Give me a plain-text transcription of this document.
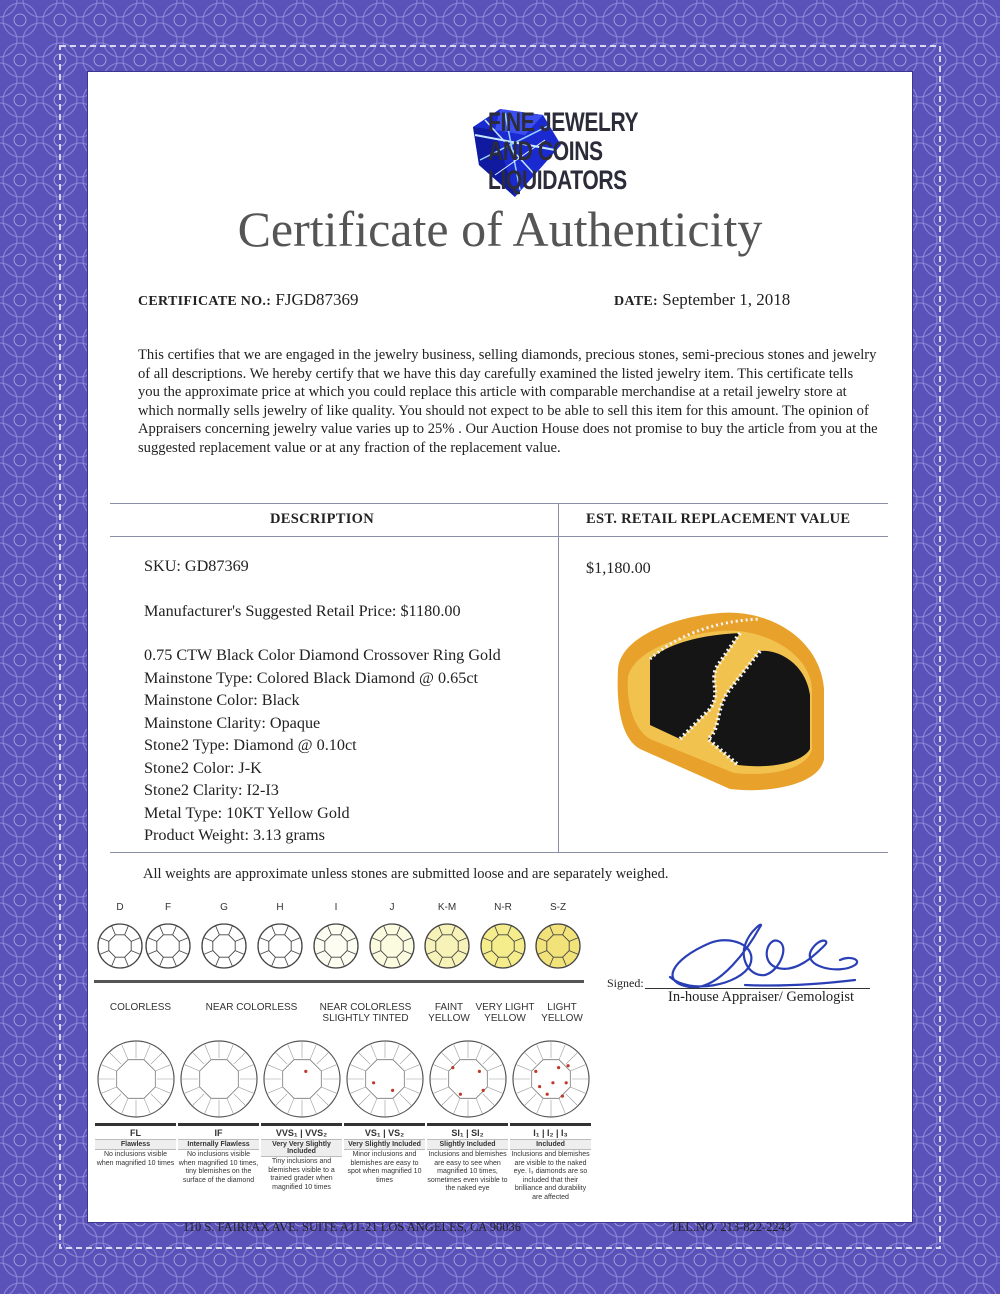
FINE JEWELRY
AND COINS
LIQUIDATORS
Certificate of Authenticity
CERTIFICATE NO.: FJGD87369	DATE: September 1, 2018
This certifies that we are engaged in the jewelry business, selling diamonds, precious stones, semi-precious stones and jewelry of all descriptions. We hereby certify that we have this day carefully examined the listed jewelry item. This certificate tells you the approximate price at which you could replace this article with comparable merchandise at a retail jewelry store at which normally sells jewelry of like quality. You should not expect to be able to sell this item for this amount. The opinion of Appraisers concerning jewelry value varies up to 25% . Our Auction House does not promise to buy the article from you at the suggested replacement value or at any fraction of the replacement value.
DESCRIPTION	EST. RETAIL REPLACEMENT VALUE
SKU: GD87369
Manufacturer's Suggested Retail Price: $1180.00
0.75 CTW Black Color Diamond Crossover Ring Gold
Mainstone Type: Colored Black Diamond @ 0.65ct
Mainstone Color: Black
Mainstone Clarity: Opaque
Stone2 Type: Diamond @ 0.10ct
Stone2 Color: J-K
Stone2 Clarity: I2-I3
Metal Type: 10KT Yellow Gold
Product Weight: 3.13 grams
$1,180.00
All weights are approximate unless stones are submitted loose and are separately weighed.
D	F	G	H	I	J	K-M	N-R	S-Z
COLORLESS	NEAR COLORLESS	NEAR COLORLESS
SLIGHTLY TINTED
FAINT
YELLOW
VERY LIGHT
YELLOW
LIGHT
YELLOW
FL
Flawless
No inclusions visible when magnified 10 times
IF
Internally Flawless
No inclusions visible when magnified 10 times, tiny blemishes on the surface of the diamond
VVS₁ | VVS₂
Very Very Slightly Included
Tiny inclusions and blemishes visible to a trained grader when magnified 10 times
VS₁ | VS₂
Very Slightly Included
Minor inclusions and blemishes are easy to spot when magnified 10 times
SI₁ | SI₂
Slightly Included
Inclusions and blemishes are easy to see when magnified 10 times, sometimes even visible to the naked eye
I₁ | I₂ | I₃
Included
Inclusions and blemishes are visible to the naked eye. I₃ diamonds are so included that their brilliance and durability are affected
Signed:
In-house Appraiser/ Gemologist
110 S. FAIRFAX AVE. SUITE A11-21 LOS ANGELES, CA 90036	TEL.NO. 213-822-2243
